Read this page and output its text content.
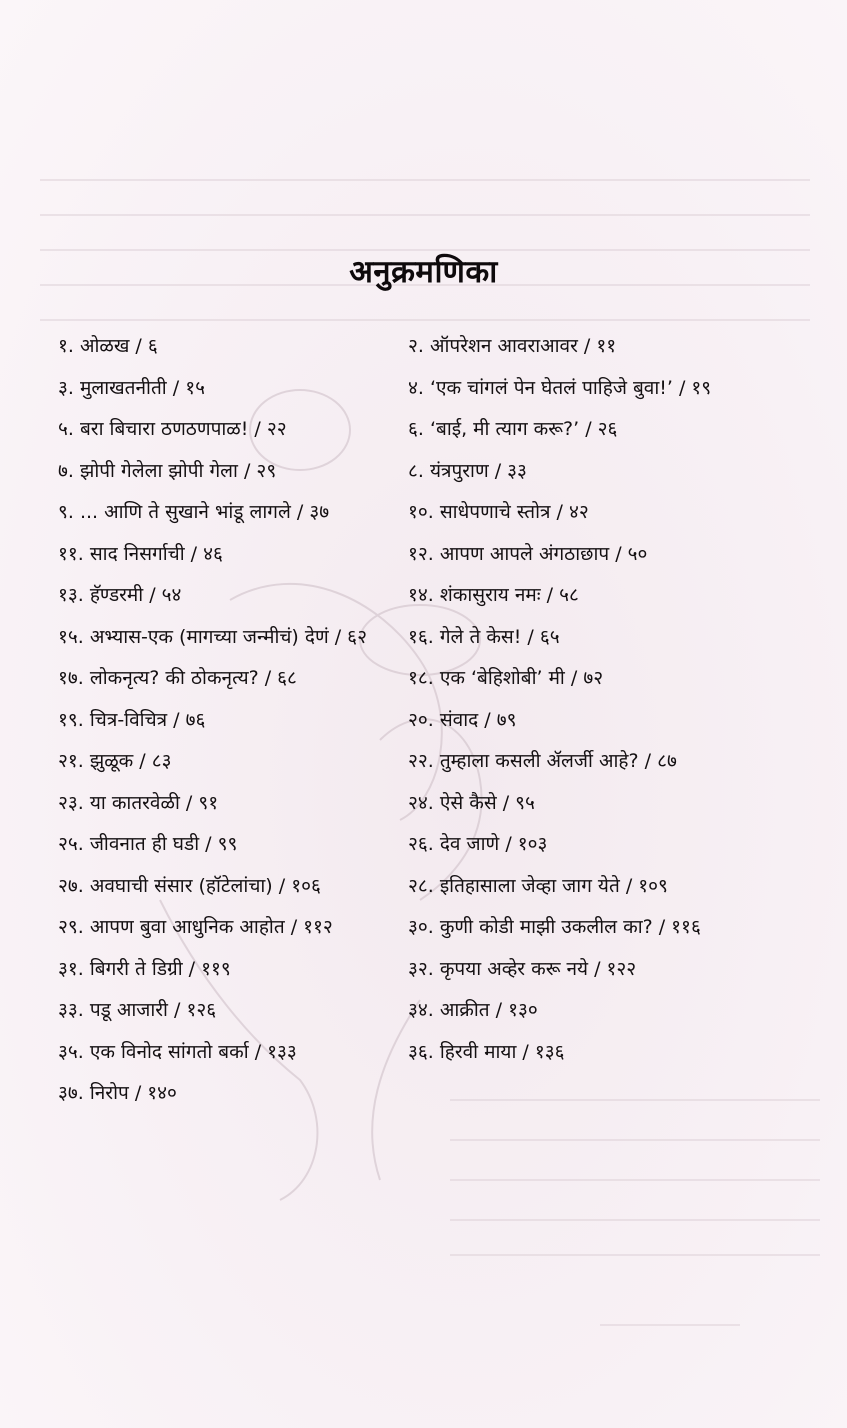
अनुक्रमणिका
१. ओळख / ६	२. ऑपरेशन आवराआवर / ११
३. मुलाखतनीती / १५	४. ‘एक चांगलं पेन घेतलं पाहिजे बुवा!’ / १९
५. बरा बिचारा ठणठणपाळ! / २२	६. ‘बाई, मी त्याग करू?’ / २६
७. झोपी गेलेला झोपी गेला / २९	८. यंत्रपुराण / ३३
९. ... आणि ते सुखाने भांडू लागले / ३७	१०. साधेपणाचे स्तोत्र / ४२
११. साद निसर्गाची / ४६	१२. आपण आपले अंगठाछाप / ५०
१३. हॅण्डरमी / ५४	१४. शंकासुराय नमः / ५८
१५. अभ्यास-एक (मागच्या जन्मीचं) देणं / ६२ १६. गेले ते केस! / ६५
१७. लोकनृत्य? की ठोकनृत्य? / ६८	१८. एक ‘बेहिशोबी’ मी / ७२
१९. चित्र-विचित्र / ७६	२०. संवाद / ७९
२१. झुळूक / ८३	२२. तुम्हाला कसली ॲलर्जी आहे? / ८७
२३. या कातरवेळी / ९१	२४. ऐसे कैसे / ९५
२५. जीवनात ही घडी / ९९	२६. देव जाणे / १०३
२७. अवघाची संसार (हॉटेलांचा) / १०६	२८. इतिहासाला जेव्हा जाग येते / १०९
२९. आपण बुवा आधुनिक आहोत / ११२	३०. कुणी कोडी माझी उकलील का? / ११६
३१. बिगरी ते डिग्री / ११९	३२. कृपया अव्हेर करू नये / १२२
३३. पडू आजारी / १२६	३४. आक्रीत / १३०
३५. एक विनोद सांगतो बर्का / १३३	३६. हिरवी माया / १३६
३७. निरोप / १४०
